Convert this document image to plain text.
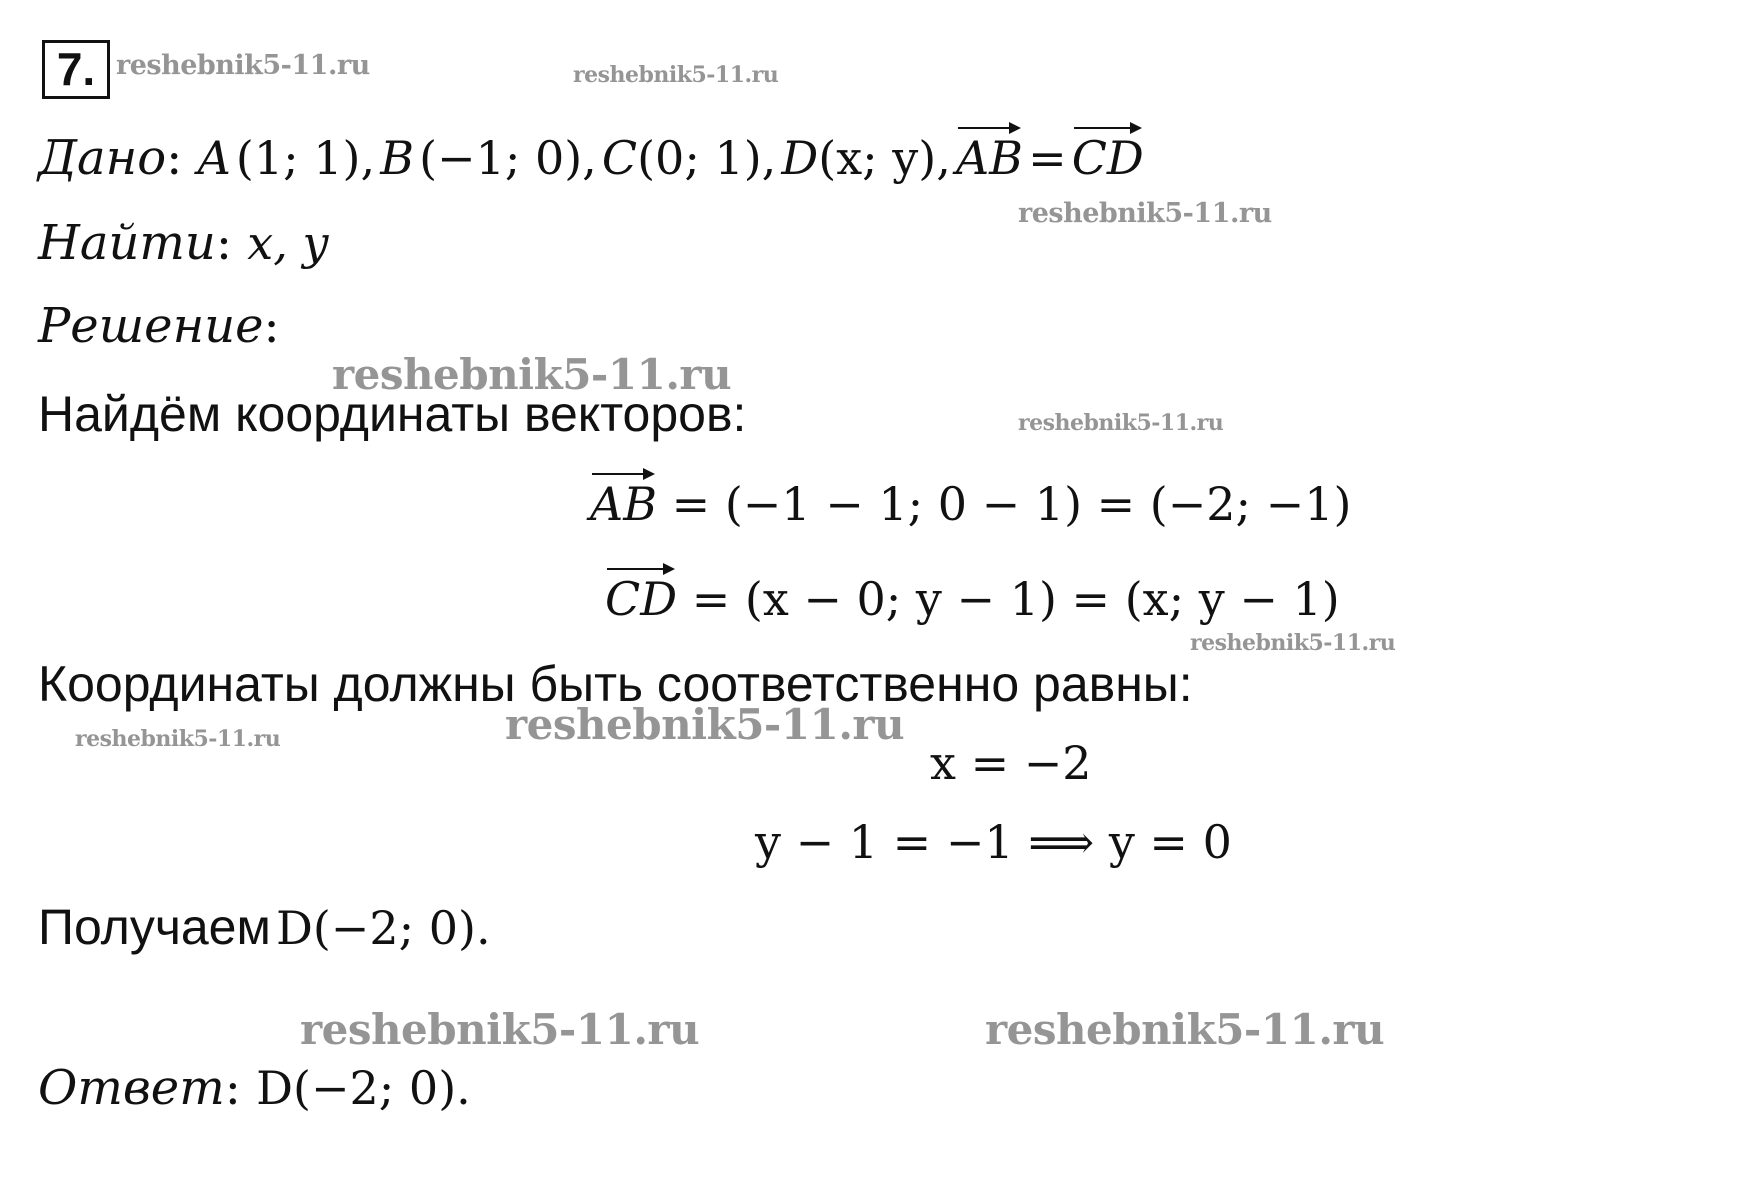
7. reshebnik5-11.ru	reshebnik5-11.ru
reshebnik5-11.ru
reshebnik5-11.ru
reshebnik5-11.ru
reshebnik5-11.ru
reshebnik5-11.ru
reshebnik5-11.ru
reshebnik5-11.ru	reshebnik5-11.ru
Дано: A (1; 1), B (−1; 0), C(0; 1), D(x; y), AB = CD
Найти: x, y
Решение:
Найдём координаты векторов:
AB = (−1 − 1; 0 − 1) = (−2; −1)
CD = (x − 0; y − 1) = (x; y − 1)
Координаты должны быть соответственно равны:
x = −2
y − 1 = −1 ⟹ y = 0
Получаем D(−2; 0).
Ответ: D(−2; 0).
